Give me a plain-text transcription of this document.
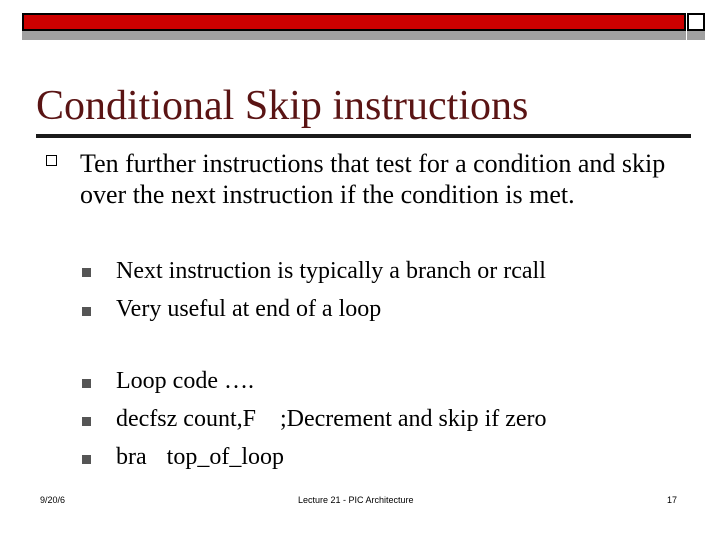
Conditional Skip instructions
Ten further instructions that test for a condition and skip over the next instruction if the condition is met.
Next instruction is typically a branch or rcall
Very useful at end of a loop
Loop code ….
decfsz count,F ;Decrement and skip if zero
bra top_of_loop
9/20/6	Lecture 21 - PIC Architecture	17
